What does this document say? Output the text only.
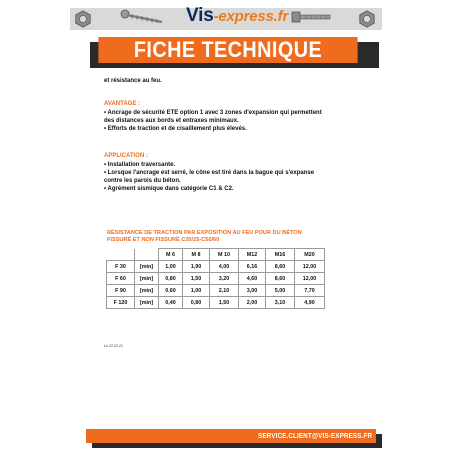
Vis-express.fr
FICHE TECHNIQUE
et résistance au feu.
AVANTAGE :
• Ancrage de sécurité ETE option 1 avec 3 zones d'expansion qui permettent
des distances aux bords et entraxes minimaux.
• Efforts de traction et de cisaillement plus élevés.
APPLICATION :
• Installation traversante.
• Lorsque l'ancrage est serré, le cône est tiré dans la bague qui s'expanse
contre les parois du béton.
• Agrément sismique dans catégorie C1 & C2.
RÉSISTANCE DE TRACTION PAR EXPOSITION AU FEU POUR DU BÉTON
FISSURÉ ET NON FISSURÉ C20/25-C50/60
		M 6	M 8	M 10	M12	M16	M20
F 30	[min]	1,00	1,90	4,00	6,16	8,60	12,00
F 60	[min]	0,80	1,50	3,20	4,60	8,60	12,00
F 90	[min]	0,60	1,00	2,10	3,00	5,00	7,70
F 120	[min]	0,40	0,80	1,50	2,00	3,10	4,90
Le 22.02.21
SERVICE.CLIENT@VIS-EXPRESS.FR
